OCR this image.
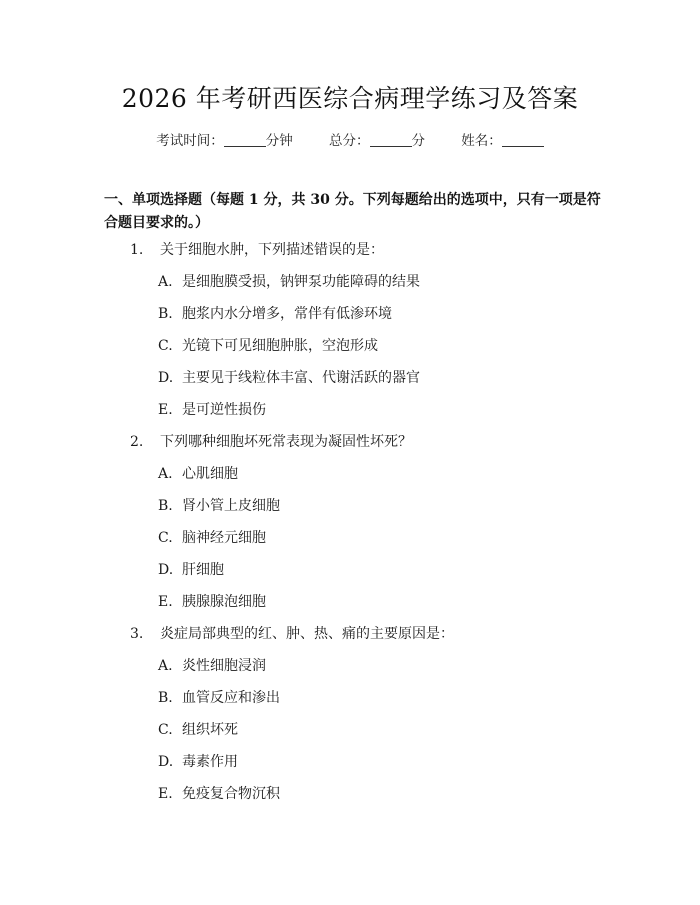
2026 年考研西医综合病理学练习及答案
考试时间：	分钟	总分：	分	姓名：
一、单项选择题（每题 1 分，共 30 分。下列每题给出的选项中，只有一项是符合题目要求的。）
1. 关于细胞水肿，下列描述错误的是：
A. 是细胞膜受损，钠钾泵功能障碍的结果
B. 胞浆内水分增多，常伴有低渗环境
C. 光镜下可见细胞肿胀，空泡形成
D. 主要见于线粒体丰富、代谢活跃的器官
E. 是可逆性损伤
2. 下列哪种细胞坏死常表现为凝固性坏死？
A. 心肌细胞
B. 肾小管上皮细胞
C. 脑神经元细胞
D. 肝细胞
E. 胰腺腺泡细胞
3. 炎症局部典型的红、肿、热、痛的主要原因是：
A. 炎性细胞浸润
B. 血管反应和渗出
C. 组织坏死
D. 毒素作用
E. 免疫复合物沉积
